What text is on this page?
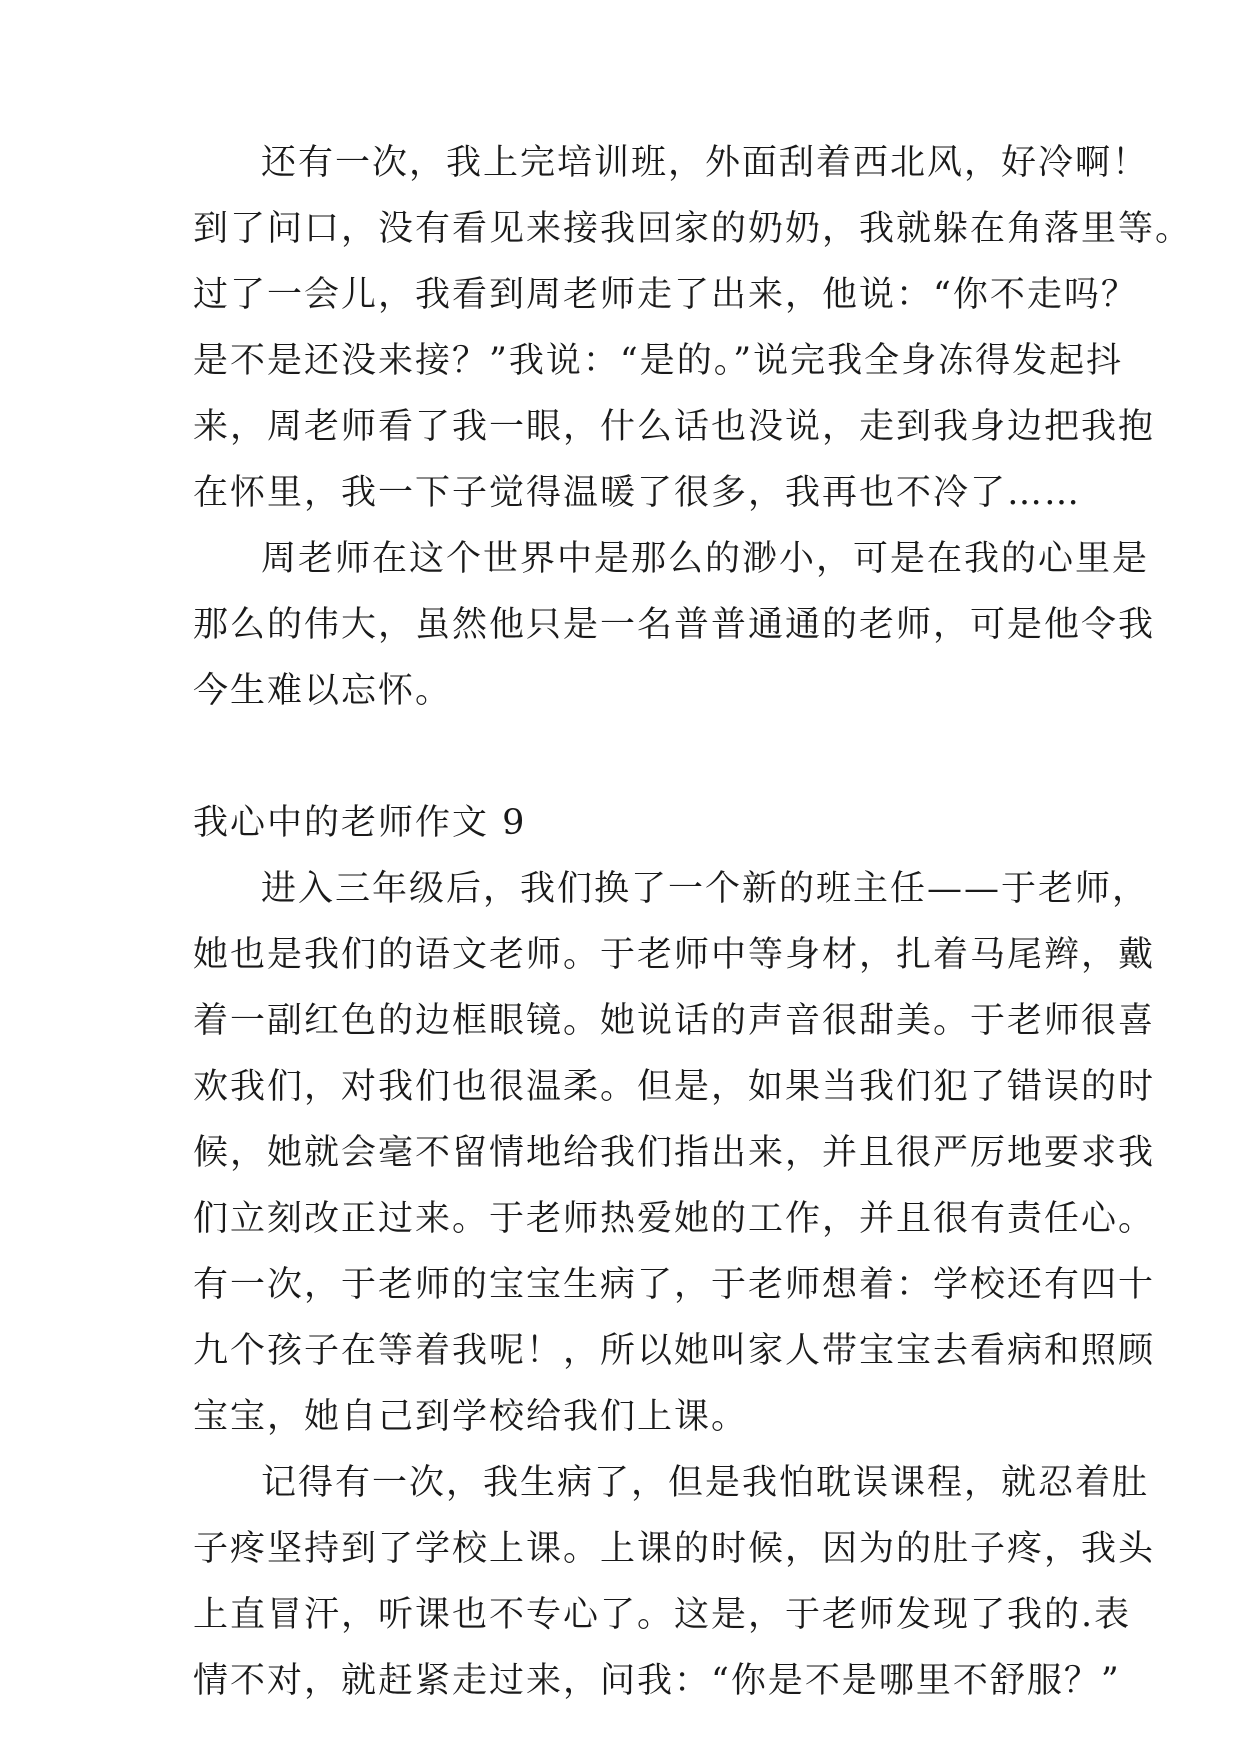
还有一次，我上完培训班，外面刮着西北风，好冷啊！
到了问口，没有看见来接我回家的奶奶，我就躲在角落里等。
过了一会儿，我看到周老师走了出来，他说：“你不走吗？
是不是还没来接？”我说：“是的。”说完我全身冻得发起抖
来，周老师看了我一眼，什么话也没说，走到我身边把我抱
在怀里，我一下子觉得温暖了很多，我再也不冷了……
周老师在这个世界中是那么的渺小，可是在我的心里是
那么的伟大，虽然他只是一名普普通通的老师，可是他令我
今生难以忘怀。
我心中的老师作文 9
进入三年级后，我们换了一个新的班主任——于老师，
她也是我们的语文老师。于老师中等身材，扎着马尾辫，戴
着一副红色的边框眼镜。她说话的声音很甜美。于老师很喜
欢我们，对我们也很温柔。但是，如果当我们犯了错误的时
候，她就会毫不留情地给我们指出来，并且很严厉地要求我
们立刻改正过来。于老师热爱她的工作，并且很有责任心。
有一次，于老师的宝宝生病了，于老师想着：学校还有四十
九个孩子在等着我呢！，所以她叫家人带宝宝去看病和照顾
宝宝，她自己到学校给我们上课。
记得有一次，我生病了，但是我怕耽误课程，就忍着肚
子疼坚持到了学校上课。上课的时候，因为的肚子疼，我头
上直冒汗，听课也不专心了。这是，于老师发现了我的.表
情不对，就赶紧走过来，问我：“你是不是哪里不舒服？”
